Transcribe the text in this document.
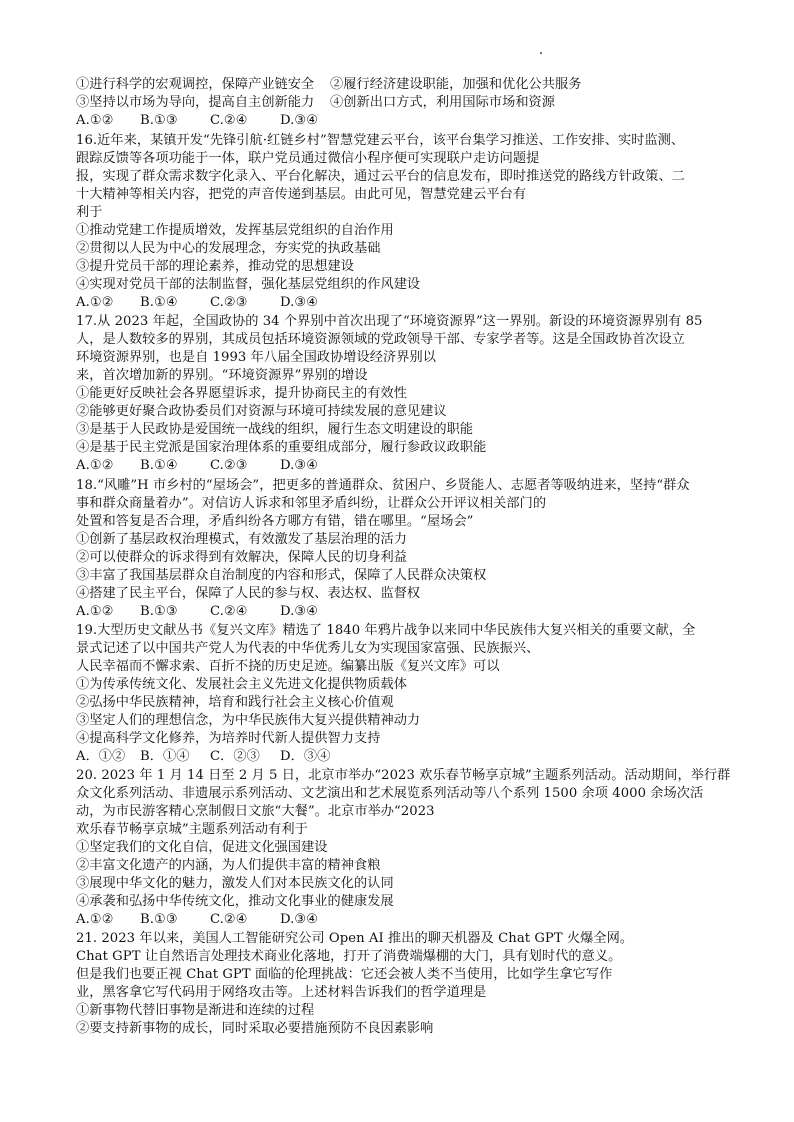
①进行科学的宏观调控，保障产业链安全	②履行经济建设职能，加强和优化公共服务
③坚持以市场为导向，提高自主创新能力	④创新出口方式，利用国际市场和资源
A.①② B.①③ C.②④ D.③④
16.近年来，某镇开发“先锋引航·红链乡村”智慧党建云平台，该平台集学习推送、工作安排、实时监测、
跟踪反馈等各项功能于一体，联户党员通过微信小程序便可实现联户走访问题提
报，实现了群众需求数字化录入、平台化解决，通过云平台的信息发布，即时推送党的路线方针政策、二
十大精神等相关内容，把党的声音传递到基层。由此可见，智慧党建云平台有
利于
①推动党建工作提质增效，发挥基层党组织的自治作用
②贯彻以人民为中心的发展理念，夯实党的执政基础
③提升党员干部的理论素养，推动党的思想建设
④实现对党员干部的法制监督，强化基层党组织的作风建设
A.①② B.①④ C.②③ D.③④
17.从 2023 年起，全国政协的 34 个界别中首次出现了“环境资源界”这一界别。新设的环境资源界别有 85
人，是人数较多的界别，其成员包括环境资源领域的党政领导干部、专家学者等。这是全国政协首次设立
环境资源界别，也是自 1993 年八届全国政协增设经济界别以
来，首次增加新的界别。“环境资源界”界别的增设
①能更好反映社会各界愿望诉求，提升协商民主的有效性
②能够更好聚合政协委员们对资源与环境可持续发展的意见建议
③是基于人民政协是爱国统一战线的组织，履行生态文明建设的职能
④是基于民主党派是国家治理体系的重要组成部分，履行参政议政职能
A.①② B.①④ C.②③ D.③④
18.“风雕”H 市乡村的“屋场会”，把更多的普通群众、贫困户、乡贤能人、志愿者等吸纳进来，坚持“群众
事和群众商量着办”。对信访人诉求和邻里矛盾纠纷，让群众公开评议相关部门的
处置和答复是否合理，矛盾纠纷各方哪方有错，错在哪里。“屋场会”
①创新了基层政权治理模式，有效激发了基层治理的活力
②可以使群众的诉求得到有效解决，保障人民的切身利益
③丰富了我国基层群众自治制度的内容和形式，保障了人民群众决策权
④搭建了民主平台，保障了人民的参与权、表达权、监督权
A.①② B.①③ C.②④ D.③④
19.大型历史文献丛书《复兴文库》精选了 1840 年鸦片战争以来同中华民族伟大复兴相关的重要文献，全
景式记述了以中国共产党人为代表的中华优秀儿女为实现国家富强、民族振兴、
人民幸福而不懈求索、百折不挠的历史足迹。编纂出版《复兴文库》可以
①为传承传统文化、发展社会主义先进文化提供物质载体
②弘扬中华民族精神，培育和践行社会主义核心价值观
③坚定人们的理想信念，为中华民族伟大复兴提供精神动力
④提高科学文化修养，为培养时代新人提供智力支持
A．①② B．①④ C．②③ D．③④
20. 2023 年 1 月 14 日至 2 月 5 日，北京市举办“2023 欢乐春节畅享京城”主题系列活动。活动期间，举行群
众文化系列活动、非遗展示系列活动、文艺演出和艺术展览系列活动等八个系列 1500 余项 4000 余场次活
动，为市民游客精心烹制假日文旅“大餐”。北京市举办“2023
欢乐春节畅享京城”主题系列活动有利于
①坚定我们的文化自信，促进文化强国建设
②丰富文化遗产的内涵，为人们提供丰富的精神食粮
③展现中华文化的魅力，激发人们对本民族文化的认同
④承袭和弘扬中华传统文化，推动文化事业的健康发展
A.①② B.①③ C.②④ D.③④
21. 2023 年以来，美国人工智能研究公司 Open AI 推出的聊天机器及 Chat GPT 火爆全网。
Chat GPT 让自然语言处理技术商业化落地，打开了消费端爆棚的大门，具有划时代的意义。
但是我们也要正视 Chat GPT 面临的伦理挑战：它还会被人类不当使用，比如学生拿它写作
业，黑客拿它写代码用于网络攻击等。上述材料告诉我们的哲学道理是
①新事物代替旧事物是渐进和连续的过程
②要支持新事物的成长，同时采取必要措施预防不良因素影响
